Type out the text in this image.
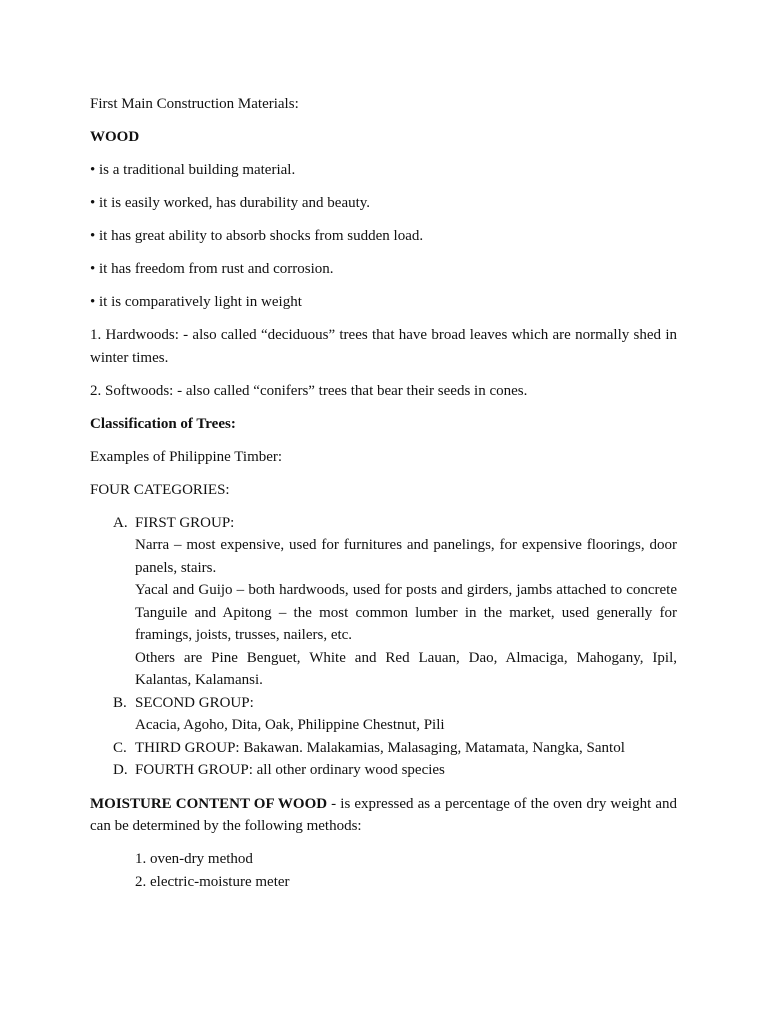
First Main Construction Materials:

WOOD

• is a traditional building material.

• it is easily worked, has durability and beauty.

• it has great ability to absorb shocks from sudden load.

• it has freedom from rust and corrosion.

• it is comparatively light in weight

1. Hardwoods: - also called “deciduous” trees that have broad leaves which are normally shed in winter times.

2. Softwoods: - also called “conifers” trees that bear their seeds in cones.

Classification of Trees:

Examples of Philippine Timber:

FOUR CATEGORIES:

A. FIRST GROUP:
Narra – most expensive, used for furnitures and panelings, for expensive floorings, door panels, stairs.
Yacal and Guijo – both hardwoods, used for posts and girders, jambs attached to concrete Tanguile and Apitong – the most common lumber in the market, used generally for framings, joists, trusses, nailers, etc.
Others are Pine Benguet, White and Red Lauan, Dao, Almaciga, Mahogany, Ipil, Kalantas, Kalamansi.
B. SECOND GROUP:
Acacia, Agoho, Dita, Oak, Philippine Chestnut, Pili
C. THIRD GROUP: Bakawan. Malakamias, Malasaging, Matamata, Nangka, Santol
D. FOURTH GROUP: all other ordinary wood species

MOISTURE CONTENT OF WOOD - is expressed as a percentage of the oven dry weight and can be determined by the following methods:

1. oven-dry method
2. electric-moisture meter
